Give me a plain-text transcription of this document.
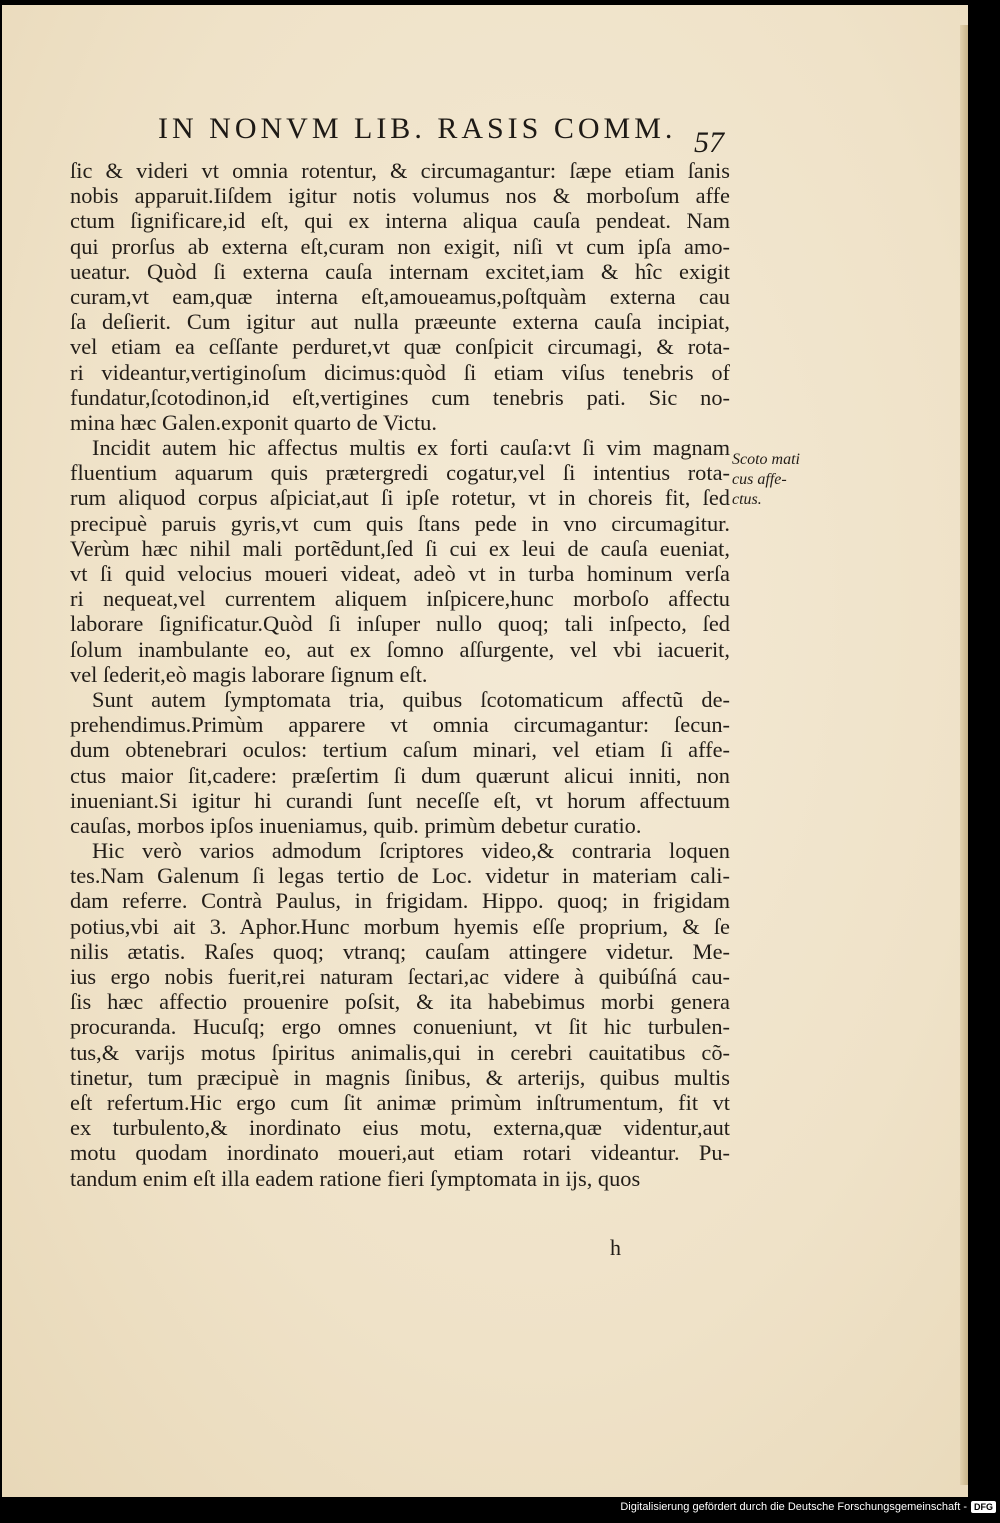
IN NONVM LIB. RASIS COMM. 57
ſic & videri vt omnia rotentur, & circumagantur: ſæpe etiam ſanis
nobis apparuit.Iiſdem igitur notis volumus nos & morboſum affe
ctum ſignificare,id eſt, qui ex interna aliqua cauſa pendeat. Nam
qui prorſus ab externa eſt,curam non exigit, niſi vt cum ipſa amo-
ueatur. Quòd ſi externa cauſa internam excitet,iam & hîc exigit
curam,vt eam,quæ interna eſt,amoueamus,poſtquàm externa cau
ſa deſierit. Cum igitur aut nulla præeunte externa cauſa incipiat,
vel etiam ea ceſſante perduret,vt quæ conſpicit circumagi, & rota-
ri videantur,vertiginoſum dicimus:quòd ſi etiam viſus tenebris of
fundatur,ſcotodinon,id eſt,vertigines cum tenebris pati. Sic no-
mina hæc Galen.exponit quarto de Victu.
Incidit autem hic affectus multis ex forti cauſa:vt ſi vim magnam
fluentium aquarum quis prætergredi cogatur,vel ſi intentius rota-
rum aliquod corpus aſpiciat,aut ſi ipſe rotetur, vt in choreis fit, ſed
precipuè paruis gyris,vt cum quis ſtans pede in vno circumagitur.
Verùm hæc nihil mali portẽdunt,ſed ſi cui ex leui de cauſa eueniat,
vt ſi quid velocius moueri videat, adeò vt in turba hominum verſa
ri nequeat,vel currentem aliquem inſpicere,hunc morboſo affectu
laborare ſignificatur.Quòd ſi inſuper nullo quoq; tali inſpecto, ſed
ſolum inambulante eo, aut ex ſomno aſſurgente, vel vbi iacuerit,
vel ſederit,eò magis laborare ſignum eſt.
Sunt autem ſymptomata tria, quibus ſcotomaticum affectũ de-
prehendimus.Primùm apparere vt omnia circumagantur: ſecun-
dum obtenebrari oculos: tertium caſum minari, vel etiam ſi affe-
ctus maior ſit,cadere: præſertim ſi dum quærunt alicui inniti, non
inueniant.Si igitur hi curandi ſunt neceſſe eſt, vt horum affectuum
cauſas, morbos ipſos inueniamus, quib. primùm debetur curatio.
Hic verò varios admodum ſcriptores video,& contraria loquen
tes.Nam Galenum ſi legas tertio de Loc. videtur in materiam cali-
dam referre. Contrà Paulus, in frigidam. Hippo. quoq; in frigidam
potius,vbi ait 3. Aphor.Hunc morbum hyemis eſſe proprium, & ſe
nilis ætatis. Raſes quoq; vtranq; cauſam attingere videtur. Me-
ius ergo nobis fuerit,rei naturam ſectari,ac videre à quibúſná cau-
ſis hæc affectio prouenire poſsit, & ita habebimus morbi genera
procuranda. Hucuſq; ergo omnes conueniunt, vt ſit hic turbulen-
tus,& varijs motus ſpiritus animalis,qui in cerebri cauitatibus cõ-
tinetur, tum præcipuè in magnis ſinibus, & arterijs, quibus multis
eſt refertum.Hic ergo cum ſit animæ primùm inſtrumentum, fit vt
ex turbulento,& inordinato eius motu, externa,quæ videntur,aut
motu quodam inordinato moueri,aut etiam rotari videantur. Pu-
tandum enim eſt illa eadem ratione fieri ſymptomata in ijs, quos
Scoto mati
cus affe-
ctus.
h
Digitalisierung gefördert durch die Deutsche Forschungsgemeinschaft - DFG
